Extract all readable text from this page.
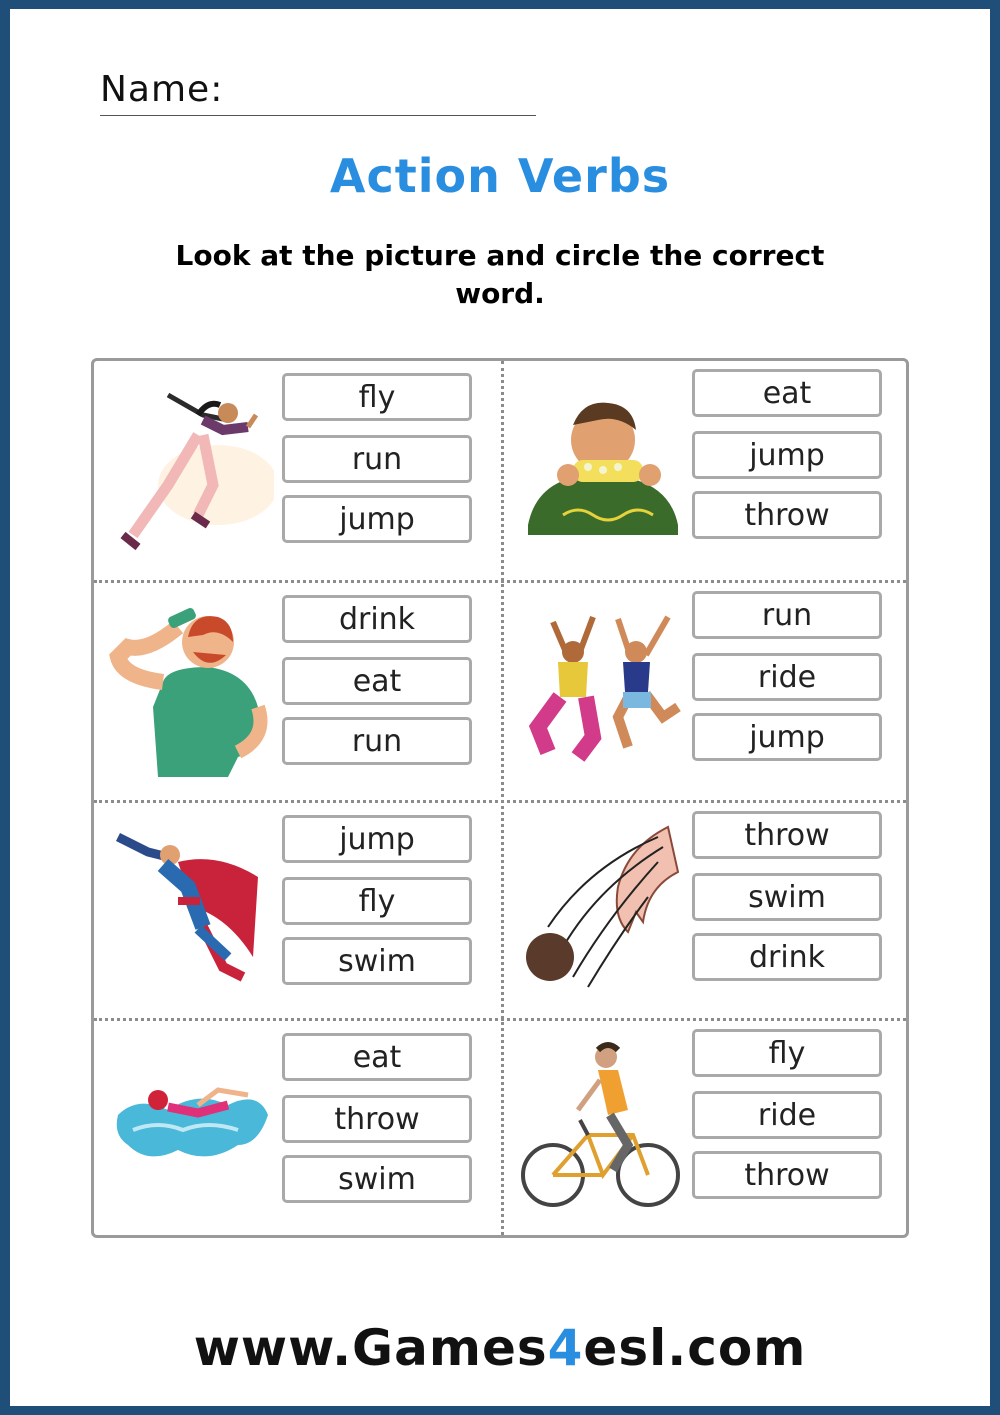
Name:
Action Verbs
Look at the picture and circle the correct word.
fly
run
jump
eat
jump
throw
drink
eat
run
run
ride
jump
jump
fly
swim
throw
swim
drink
eat
throw
swim
fly
ride
throw
www.Games4esl.com
